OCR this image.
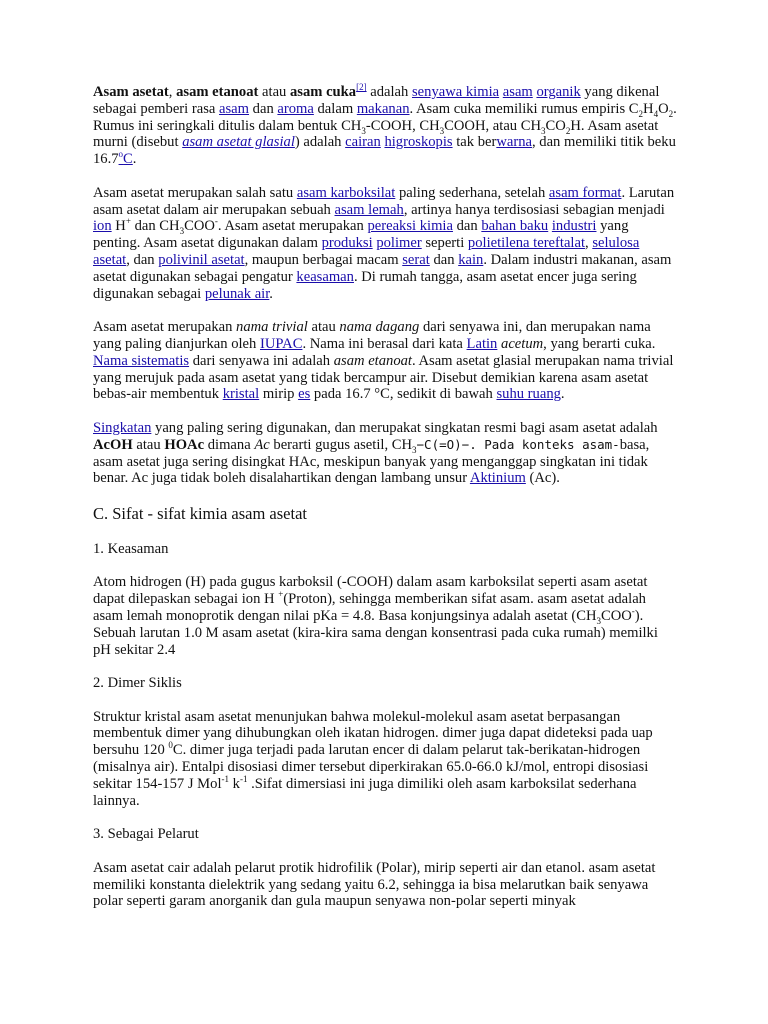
Asam asetat, asam etanoat atau asam cuka[2] adalah senyawa kimia asam organik yang dikenal sebagai pemberi rasa asam dan aroma dalam makanan. Asam cuka memiliki rumus empiris $C_2H_4O_2$. Rumus ini seringkali ditulis dalam bentuk $CH_3$-COOH, $CH_3COOH$, atau $CH_3CO_2H$. Asam asetat murni (disebut asam asetat glasial) adalah cairan higroskopis tak berwarna, dan memiliki titik beku 16.7$^o$C.

Asam asetat merupakan salah satu asam karboksilat paling sederhana, setelah asam format. Larutan asam asetat dalam air merupakan sebuah asam lemah, artinya hanya terdisosiasi sebagian menjadi ion H+ dan $CH_3COO^-$. Asam asetat merupakan pereaksi kimia dan bahan baku industri yang penting. Asam asetat digunakan dalam produksi polimer seperti polietilena tereftalat, selulosa asetat, dan polivinil asetat, maupun berbagai macam serat dan kain. Dalam industri makanan, asam asetat digunakan sebagai pengatur keasaman. Di rumah tangga, asam asetat encer juga sering digunakan sebagai pelunak air.

Asam asetat merupakan nama trivial atau nama dagang dari senyawa ini, dan merupakan nama yang paling dianjurkan oleh IUPAC. Nama ini berasal dari kata Latin acetum, yang berarti cuka. Nama sistematis dari senyawa ini adalah asam etanoat. Asam asetat glasial merupakan nama trivial yang merujuk pada asam asetat yang tidak bercampur air. Disebut demikian karena asam asetat bebas-air membentuk kristal mirip es pada 16.7 °C, sedikit di bawah suhu ruang.

Singkatan yang paling sering digunakan, dan merupakat singkatan resmi bagi asam asetat adalah AcOH atau HOAc dimana Ac berarti gugus asetil, $CH_3-C(=O)-$. Pada konteks asam-basa, asam asetat juga sering disingkat HAc, meskipun banyak yang menganggap singkatan ini tidak benar. Ac juga tidak boleh disalahartikan dengan lambang unsur Aktinium (Ac).

C. Sifat - sifat kimia asam asetat

1. Keasaman

Atom hidrogen (H) pada gugus karboksil (-COOH) dalam asam karboksilat seperti asam asetat dapat dilepaskan sebagai ion H +(Proton), sehingga memberikan sifat asam. asam asetat adalah asam lemah monoprotik dengan nilai pKa = 4.8. Basa konjungsinya adalah asetat $(CH_3COO^-)$. Sebuah larutan 1.0 M asam asetat (kira-kira sama dengan konsentrasi pada cuka rumah) memilki pH sekitar 2.4

2. Dimer Siklis

Struktur kristal asam asetat menunjukan bahwa molekul-molekul asam asetat berpasangan membentuk dimer yang dihubungkan oleh ikatan hidrogen. dimer juga dapat dideteksi pada uap bersuhu 120 $^0$C. dimer juga terjadi pada larutan encer di dalam pelarut tak-berikatan-hidrogen (misalnya air). Entalpi disosiasi dimer tersebut diperkirakan 65.0-66.0 kJ/mol, entropi disosiasi sekitar 154-157 J Mol$^{-1}$ $k^{-1}$ .Sifat dimersiasi ini juga dimiliki oleh asam karboksilat sederhana lainnya.

3. Sebagai Pelarut

Asam asetat cair adalah pelarut protik hidrofilik (Polar), mirip seperti air dan etanol. asam asetat memiliki konstanta dielektrik yang sedang yaitu 6.2, sehingga ia bisa melarutkan baik senyawa polar seperti garam anorganik dan gula maupun senyawa non-polar seperti minyak
